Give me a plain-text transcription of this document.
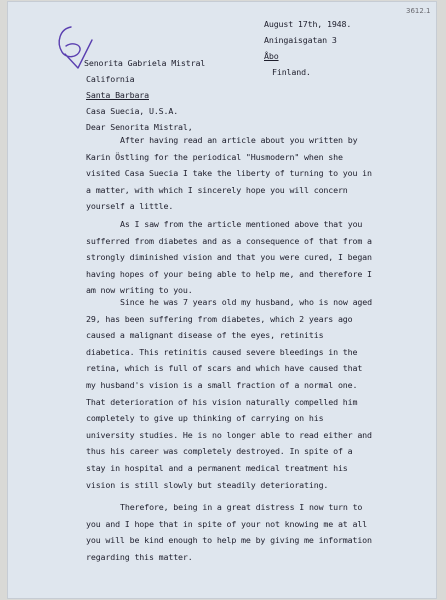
3612.1
August 17th, 1948.
Aningaisgatan 3
Åbo
Finland.
Senorita Gabriela Mistral
California
Santa Barbara
Casa Suecia, U.S.A.
Dear Senorita Mistral,

After having read an article about you written by Karin Östling for the periodical "Husmodern" when she visited Casa Suecia I take the liberty of turning to you in a matter, with which I sincerely hope you will concern yourself a little.

As I saw from the article mentioned above that you sufferred from diabetes and as a consequence of that from a strongly diminished vision and that you were cured, I began having hopes of your being able to help me, and therefore I am now writing to you.

Since he was 7 years old my husband, who is now aged 29, has been suffering from diabetes, which 2 years ago caused a malignant disease of the eyes, retinitis diabetica. This retinitis caused severe bleedings in the retina, which is full of scars and which have caused that my husband's vision is a small fraction of a normal one. That deterioration of his vision naturally compelled him completely to give up thinking of carrying on his university studies. He is no longer able to read either and thus his career was completely destroyed. In spite of a stay in hospital and a permanent medical treatment his vision is still slowly but steadily deteriorating.

Therefore, being in a great distress I now turn to you and I hope that in spite of your not knowing me at all you will be kind enough to help me by giving me information regarding this matter.
